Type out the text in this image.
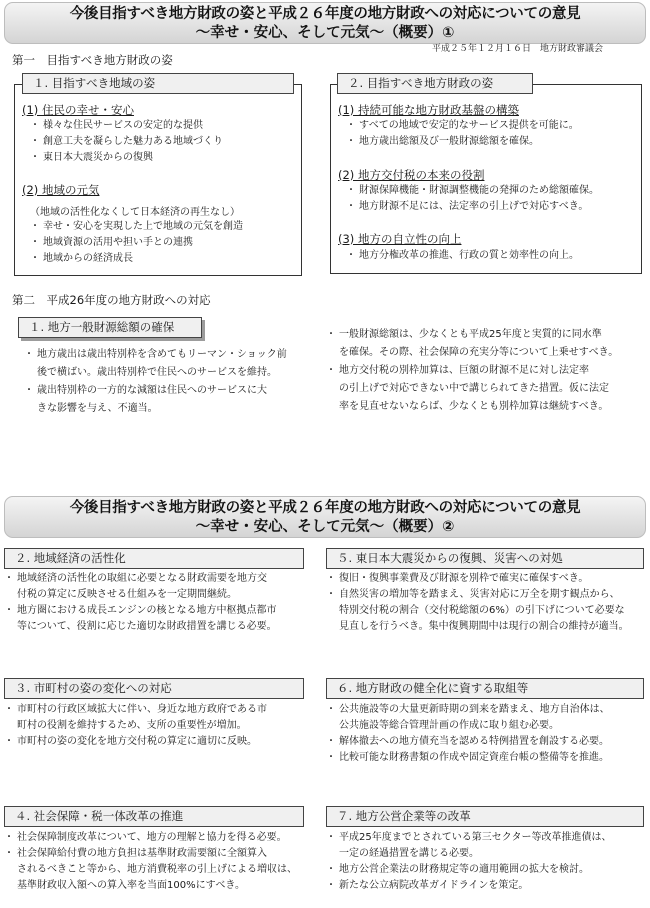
今後目指すべき地方財政の姿と平成２６年度の地方財政への対応についての意見
～幸せ・安心、そして元気～（概要）①
平成２５年１２月１６日　地方財政審議会
第一　目指すべき地方財政の姿
１. 目指すべき地域の姿
(1) 住民の幸せ・安心
・ 様々な住民サービスの安定的な提供
・ 創意工夫を凝らした魅力ある地域づくり
・ 東日本大震災からの復興
(2) 地域の元気
（地域の活性化なくして日本経済の再生なし）
・ 幸せ・安心を実現した上で地域の元気を創造
・ 地域資源の活用や担い手との連携
・ 地域からの経済成長
２. 目指すべき地方財政の姿
(1) 持続可能な地方財政基盤の構築
・ すべての地域で安定的なサービス提供を可能に。
・ 地方歳出総額及び一般財源総額を確保。
(2) 地方交付税の本来の役割
・ 財源保障機能・財源調整機能の発揮のため総額確保。
・ 地方財源不足には、法定率の引上げで対応すべき。
(3) 地方の自立性の向上
・ 地方分権改革の推進、行政の質と効率性の向上。
第二　平成26年度の地方財政への対応
１. 地方一般財源総額の確保
・ 地方歳出は歳出特別枠を含めてもリーマン・ショック前
後で横ばい。歳出特別枠で住民へのサービスを維持。
・ 歳出特別枠の一方的な減額は住民へのサービスに大
きな影響を与え、不適当。
・ 一般財源総額は、少なくとも平成25年度と実質的に同水準
を確保。その際、社会保障の充実分等について上乗せすべき。
・ 地方交付税の別枠加算は、巨額の財源不足に対し法定率
の引上げで対応できない中で講じられてきた措置。仮に法定
率を見直せないならば、少なくとも別枠加算は継続すべき。
今後目指すべき地方財政の姿と平成２６年度の地方財政への対応についての意見
～幸せ・安心、そして元気～（概要）②
２. 地域経済の活性化
・ 地域経済の活性化の取組に必要となる財政需要を地方交
付税の算定に反映させる仕組みを一定期間継続。
・ 地方圏における成長エンジンの核となる地方中枢拠点都市
等について、役割に応じた適切な財政措置を講じる必要。
５. 東日本大震災からの復興、災害への対処
・ 復旧・復興事業費及び財源を別枠で確実に確保すべき。
・ 自然災害の増加等を踏まえ、災害対応に万全を期す観点から、
特別交付税の割合（交付税総額の6%）の引下げについて必要な
見直しを行うべき。集中復興期間中は現行の割合の維持が適当。
３. 市町村の姿の変化への対応
・ 市町村の行政区域拡大に伴い、身近な地方政府である市
町村の役割を維持するため、支所の重要性が増加。
・ 市町村の姿の変化を地方交付税の算定に適切に反映。
６. 地方財政の健全化に資する取組等
・ 公共施設等の大量更新時期の到来を踏まえ、地方自治体は、
公共施設等総合管理計画の作成に取り組む必要。
・ 解体撤去への地方債充当を認める特例措置を創設する必要。
・ 比較可能な財務書類の作成や固定資産台帳の整備等を推進。
４. 社会保障・税一体改革の推進
・ 社会保障制度改革について、地方の理解と協力を得る必要。
・ 社会保障給付費の地方負担は基準財政需要額に全額算入
されるべきこと等から、地方消費税率の引上げによる増収は、
基準財政収入額への算入率を当面100%にすべき。
７. 地方公営企業等の改革
・ 平成25年度までとされている第三セクター等改革推進債は、
一定の経過措置を講じる必要。
・ 地方公営企業法の財務規定等の適用範囲の拡大を検討。
・ 新たな公立病院改革ガイドラインを策定。
